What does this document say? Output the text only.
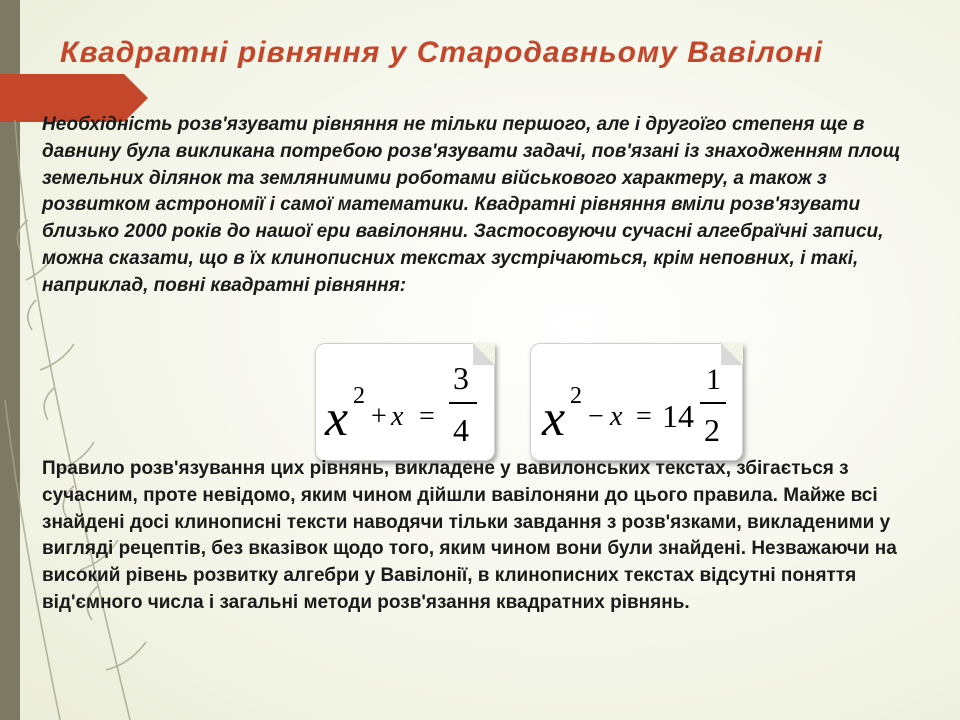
Квадратні рівняння у Стародавньому Вавілоні

Необхідність розв'язувати рівняння не тільки першого, але і другоїго степеня ще в давнину була викликана потребою розв'язувати задачі, пов'язані із знаходженням площ земельних ділянок та землянимими роботами військового характеру, а також з розвитком астрономії і самої математики. Квадратні рівняння вміли розв'язувати близько 2000 років до нашої ери вавілоняни. Застосовуючи сучасні алгебраїчні записи, можна сказати, що в їх клинописних текстах зустрічаються, крім неповних, і такі, наприклад, повні квадратні рівняння:

x 2
+ x =
3
4 x 2
− x = 14
1
2

Правило розв'язування цих рівнянь, викладене у вавилонських текстах, збігається з сучасним, проте невідомо, яким чином дійшли вавілоняни до цього правила. Майже всі знайдені досі клинописні тексти наводячи тільки завдання з розв'язками, викладеними у вигляді рецептів, без вказівок щодо того, яким чином вони були знайдені. Незважаючи на високий рівень розвитку алгебри у Вавілонії, в клинописних текстах відсутні поняття від'ємного числа і загальні методи розв'язання квадратних рівнянь.
